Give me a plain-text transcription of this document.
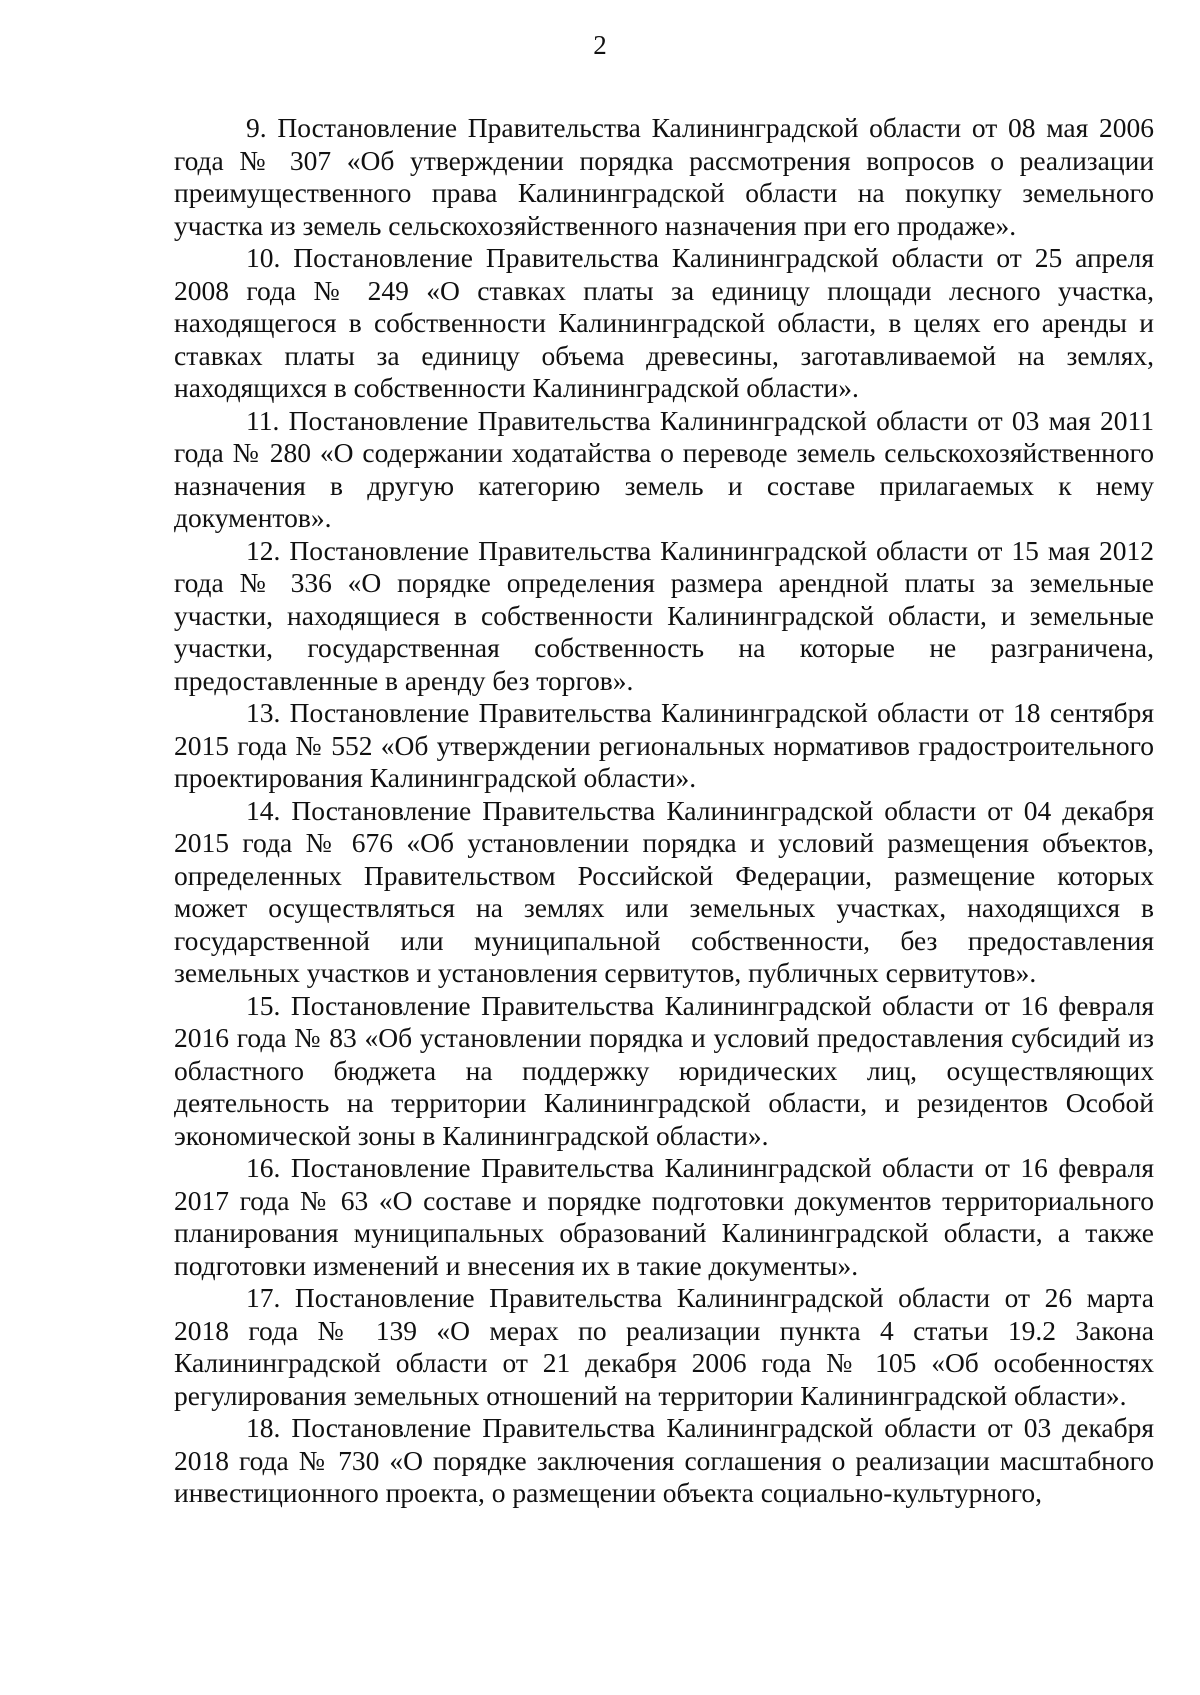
2

9. Постановление Правительства Калининградской области от 08 мая 2006 года № 307 «Об утверждении порядка рассмотрения вопросов о реализации преимущественного права Калининградской области на покупку земельного участка из земель сельскохозяйственного назначения при его продаже».

10. Постановление Правительства Калининградской области от 25 апреля 2008 года № 249 «О ставках платы за единицу площади лесного участка, находящегося в собственности Калининградской области, в целях его аренды и ставках платы за единицу объема древесины, заготавливаемой на землях, находящихся в собственности Калининградской области».

11. Постановление Правительства Калининградской области от 03 мая 2011 года № 280 «О содержании ходатайства о переводе земель сельскохозяйственного назначения в другую категорию земель и составе прилагаемых к нему документов».

12. Постановление Правительства Калининградской области от 15 мая 2012 года № 336 «О порядке определения размера арендной платы за земельные участки, находящиеся в собственности Калининградской области, и земельные участки, государственная собственность на которые не разграничена, предоставленные в аренду без торгов».

13. Постановление Правительства Калининградской области от 18 сентября 2015 года № 552 «Об утверждении региональных нормативов градостроительного проектирования Калининградской области».

14. Постановление Правительства Калининградской области от 04 декабря 2015 года № 676 «Об установлении порядка и условий размещения объектов, определенных Правительством Российской Федерации, размещение которых может осуществляться на землях или земельных участках, находящихся в государственной или муниципальной собственности, без предоставления земельных участков и установления сервитутов, публичных сервитутов».

15. Постановление Правительства Калининградской области от 16 февраля 2016 года № 83 «Об установлении порядка и условий предоставления субсидий из областного бюджета на поддержку юридических лиц, осуществляющих деятельность на территории Калининградской области, и резидентов Особой экономической зоны в Калининградской области».

16. Постановление Правительства Калининградской области от 16 февраля 2017 года № 63 «О составе и порядке подготовки документов территориального планирования муниципальных образований Калининградской области, а также подготовки изменений и внесения их в такие документы».

17. Постановление Правительства Калининградской области от 26 марта 2018 года № 139 «О мерах по реализации пункта 4 статьи 19.2 Закона Калининградской области от 21 декабря 2006 года № 105 «Об особенностях регулирования земельных отношений на территории Калининградской области».

18. Постановление Правительства Калининградской области от 03 декабря 2018 года № 730 «О порядке заключения соглашения о реализации масштабного инвестиционного проекта, о размещении объекта социально-культурного,
